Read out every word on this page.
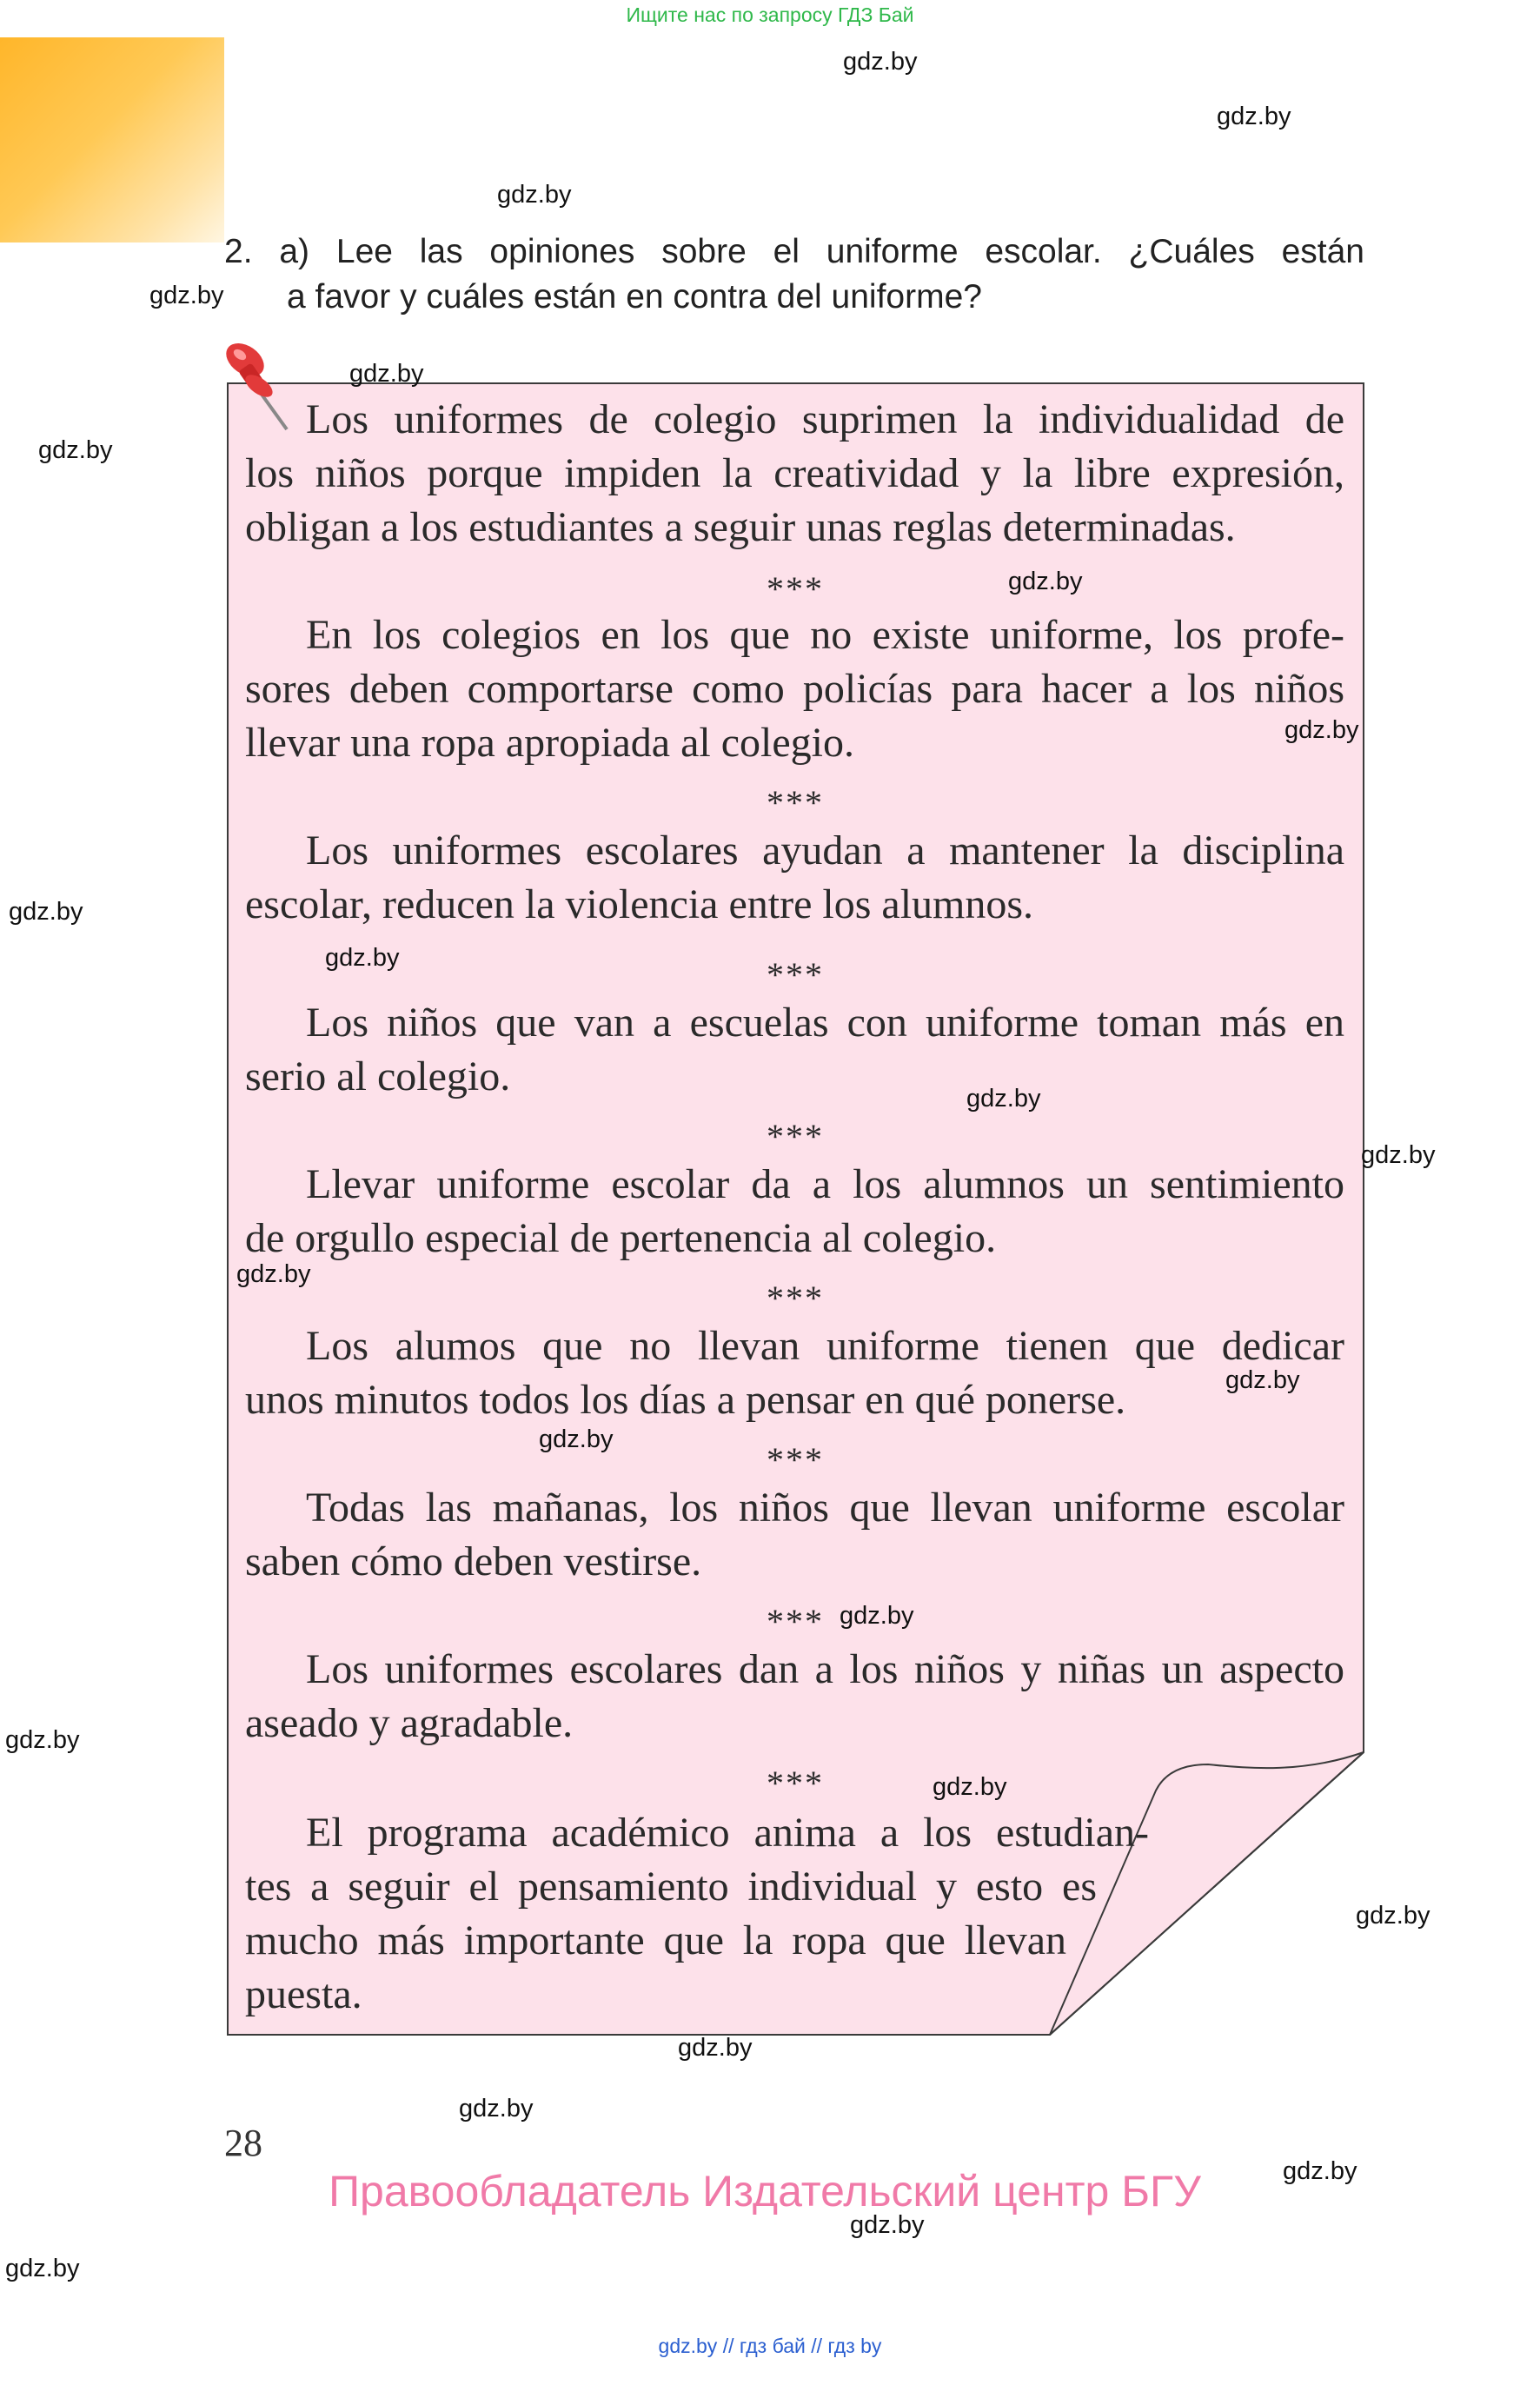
Ищите нас по запросу ГДЗ Бай
2. a) Lee las opiniones sobre el uniforme escolar. ¿Cuáles están
a favor y cuáles están en contra del uniforme?
Los uniformes de colegio suprimen la individualidad de
los niños porque impiden la creatividad y la libre expresión,
obligan a los estudiantes a seguir unas reglas determinadas.
***
En los colegios en los que no existe uniforme, los profe-
sores deben comportarse como policías para hacer a los niños
llevar una ropa apropiada al colegio.
***
Los uniformes escolares ayudan a mantener la disciplina
escolar, reducen la violencia entre los alumnos.
***
Los niños que van a escuelas con uniforme toman más en
serio al colegio.
***
Llevar uniforme escolar da a los alumnos un sentimiento
de orgullo especial de pertenencia al colegio.
***
Los alumos que no llevan uniforme tienen que dedicar
unos minutos todos los días a pensar en qué ponerse.
***
Todas las mañanas, los niños que llevan uniforme escolar
saben cómo deben vestirse.
***
Los uniformes escolares dan a los niños y niñas un aspecto
aseado y agradable.
***
El programa académico anima a los estudian-
tes a seguir el pensamiento individual y esto es
mucho más importante que la ropa que llevan
puesta.
gdz.by
gdz.by
gdz.by
gdz.by
gdz.by
gdz.by
gdz.by
gdz.by
gdz.by
gdz.by
gdz.by
gdz.by
gdz.by
gdz.by
gdz.by
gdz.by
gdz.by
gdz.by
gdz.by
gdz.by
gdz.by
gdz.by
gdz.by
gdz.by
28
Правообладатель Издательский центр БГУ
gdz.by // гдз бай // гдз by
